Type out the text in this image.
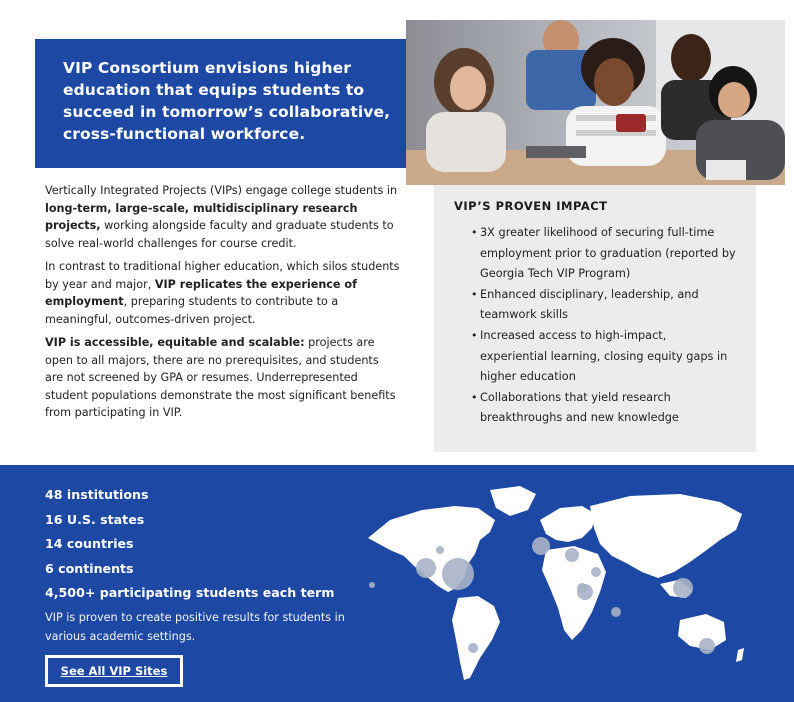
VIP Consortium envisions higher education that equips students to succeed in tomorrow’s collaborative, cross-functional workforce.

Vertically Integrated Projects (VIPs) engage college students in long-term, large-scale, multidisciplinary research projects, working alongside faculty and graduate students to solve real-world challenges for course credit.

In contrast to traditional higher education, which silos students by year and major, VIP replicates the experience of employment, preparing students to contribute to a meaningful, outcomes-driven project.

VIP is accessible, equitable and scalable: projects are open to all majors, there are no prerequisites, and students are not screened by GPA or resumes. Underrepresented student populations demonstrate the most significant benefits from participating in VIP.

VIP’S PROVEN IMPACT
• 3X greater likelihood of securing full-time employment prior to graduation (reported by Georgia Tech VIP Program)
• Enhanced disciplinary, leadership, and teamwork skills
• Increased access to high-impact, experiential learning, closing equity gaps in higher education
• Collaborations that yield research breakthroughs and new knowledge
48 institutions
16 U.S. states
14 countries
6 continents
4,500+ participating students each term
VIP is proven to create positive results for students in various academic settings.
See All VIP Sites
